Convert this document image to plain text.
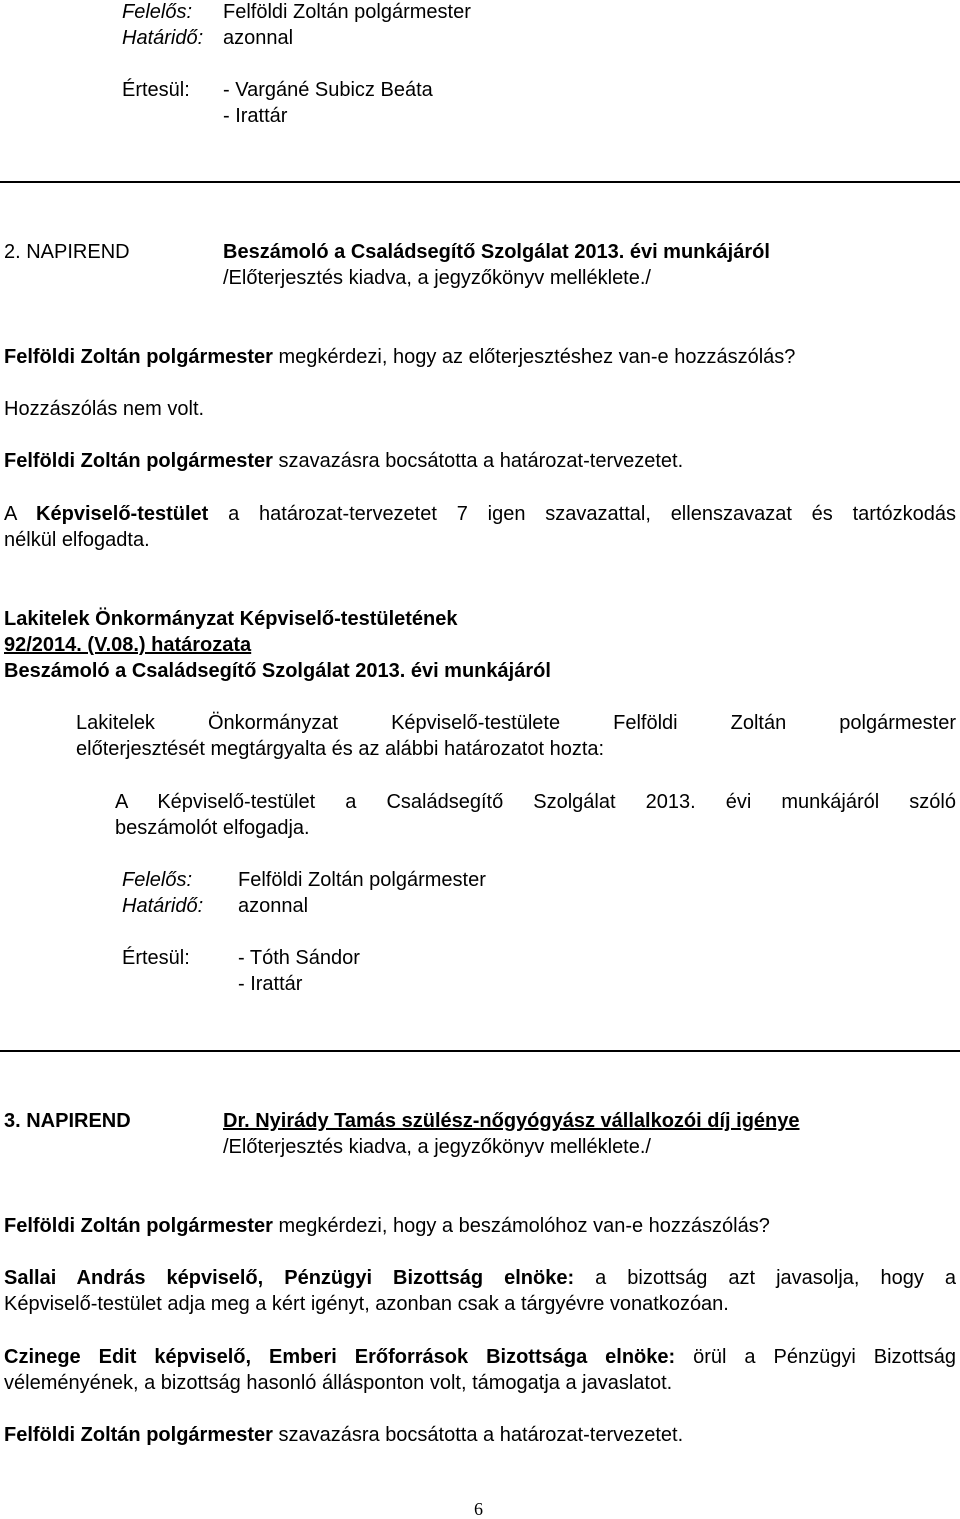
Felelős: Felföldi Zoltán polgármester
Határidő: azonnal
Értesül: - Vargáné Subicz Beáta
- Irattár
2. NAPIREND	Beszámoló a Családsegítő Szolgálat 2013. évi munkájáról
/Előterjesztés kiadva, a jegyzőkönyv melléklete./
Felföldi Zoltán polgármester megkérdezi, hogy az előterjesztéshez van-e hozzászólás?
Hozzászólás nem volt.
Felföldi Zoltán polgármester szavazásra bocsátotta a határozat-tervezetet.
A Képviselő-testület a határozat-tervezetet 7 igen szavazattal, ellenszavazat és tartózkodás
nélkül elfogadta.
Lakitelek Önkormányzat Képviselő-testületének
92/2014. (V.08.) határozata
Beszámoló a Családsegítő Szolgálat 2013. évi munkájáról
Lakitelek Önkormányzat Képviselő-testülete Felföldi Zoltán polgármester
előterjesztését megtárgyalta és az alábbi határozatot hozta:
A Képviselő-testület a Családsegítő Szolgálat 2013. évi munkájáról szóló
beszámolót elfogadja.
Felelős: Felföldi Zoltán polgármester
Határidő: azonnal
Értesül: - Tóth Sándor
- Irattár
3. NAPIREND	Dr. Nyirády Tamás szülész-nőgyógyász vállalkozói díj igénye
/Előterjesztés kiadva, a jegyzőkönyv melléklete./
Felföldi Zoltán polgármester megkérdezi, hogy a beszámolóhoz van-e hozzászólás?
Sallai András képviselő, Pénzügyi Bizottság elnöke: a bizottság azt javasolja, hogy a
Képviselő-testület adja meg a kért igényt, azonban csak a tárgyévre vonatkozóan.
Czinege Edit képviselő, Emberi Erőforrások Bizottsága elnöke: örül a Pénzügyi Bizottság
véleményének, a bizottság hasonló állásponton volt, támogatja a javaslatot.
Felföldi Zoltán polgármester szavazásra bocsátotta a határozat-tervezetet.
6
